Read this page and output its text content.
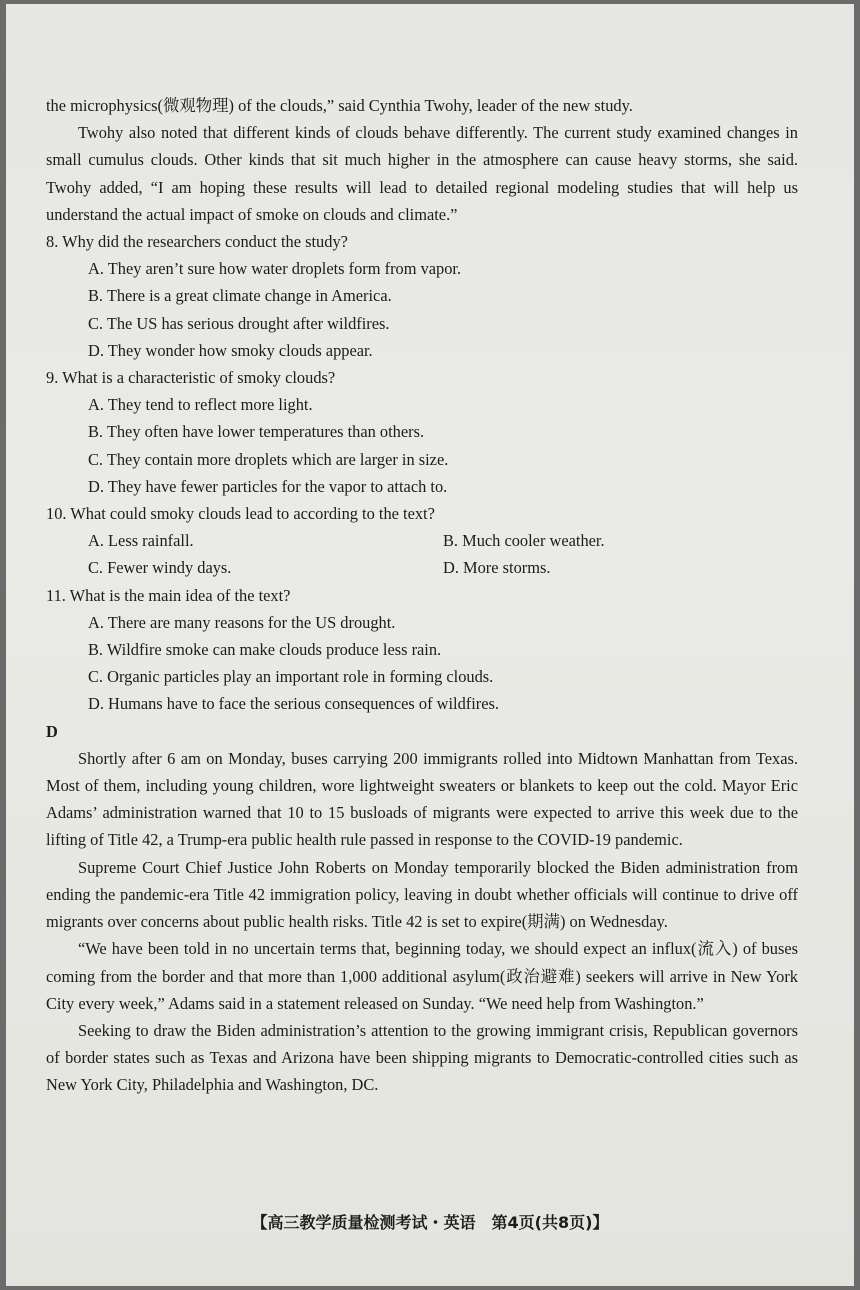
the microphysics(微观物理) of the clouds,” said Cynthia Twohy, leader of the new study.

Twohy also noted that different kinds of clouds behave differently. The current study examined changes in small cumulus clouds. Other kinds that sit much higher in the atmosphere can cause heavy storms, she said. Twohy added, “I am hoping these results will lead to detailed regional modeling studies that will help us understand the actual impact of smoke on clouds and climate.”

8. Why did the researchers conduct the study?

A. They aren’t sure how water droplets form from vapor.

B. There is a great climate change in America.

C. The US has serious drought after wildfires.

D. They wonder how smoky clouds appear.

9. What is a characteristic of smoky clouds?

A. They tend to reflect more light.

B. They often have lower temperatures than others.

C. They contain more droplets which are larger in size.

D. They have fewer particles for the vapor to attach to.

10. What could smoky clouds lead to according to the text?

A. Less rainfall.	B. Much cooler weather.
C. Fewer windy days.	D. More storms.

11. What is the main idea of the text?

A. There are many reasons for the US drought.

B. Wildfire smoke can make clouds produce less rain.

C. Organic particles play an important role in forming clouds.

D. Humans have to face the serious consequences of wildfires.

D

Shortly after 6 am on Monday, buses carrying 200 immigrants rolled into Midtown Manhattan from Texas. Most of them, including young children, wore lightweight sweaters or blankets to keep out the cold. Mayor Eric Adams’ administration warned that 10 to 15 busloads of migrants were expected to arrive this week due to the lifting of Title 42, a Trump-era public health rule passed in response to the COVID-19 pandemic.

Supreme Court Chief Justice John Roberts on Monday temporarily blocked the Biden administration from ending the pandemic-era Title 42 immigration policy, leaving in doubt whether officials will continue to drive off migrants over concerns about public health risks. Title 42 is set to expire(期满) on Wednesday.

“We have been told in no uncertain terms that, beginning today, we should expect an influx(流入) of buses coming from the border and that more than 1,000 additional asylum(政治避难) seekers will arrive in New York City every week,” Adams said in a statement released on Sunday. “We need help from Washington.”

Seeking to draw the Biden administration’s attention to the growing immigrant crisis, Republican governors of border states such as Texas and Arizona have been shipping migrants to Democratic-controlled cities such as New York City, Philadelphia and Washington, DC.

【高三教学质量检测考试・英语　第4页(共8页)】
